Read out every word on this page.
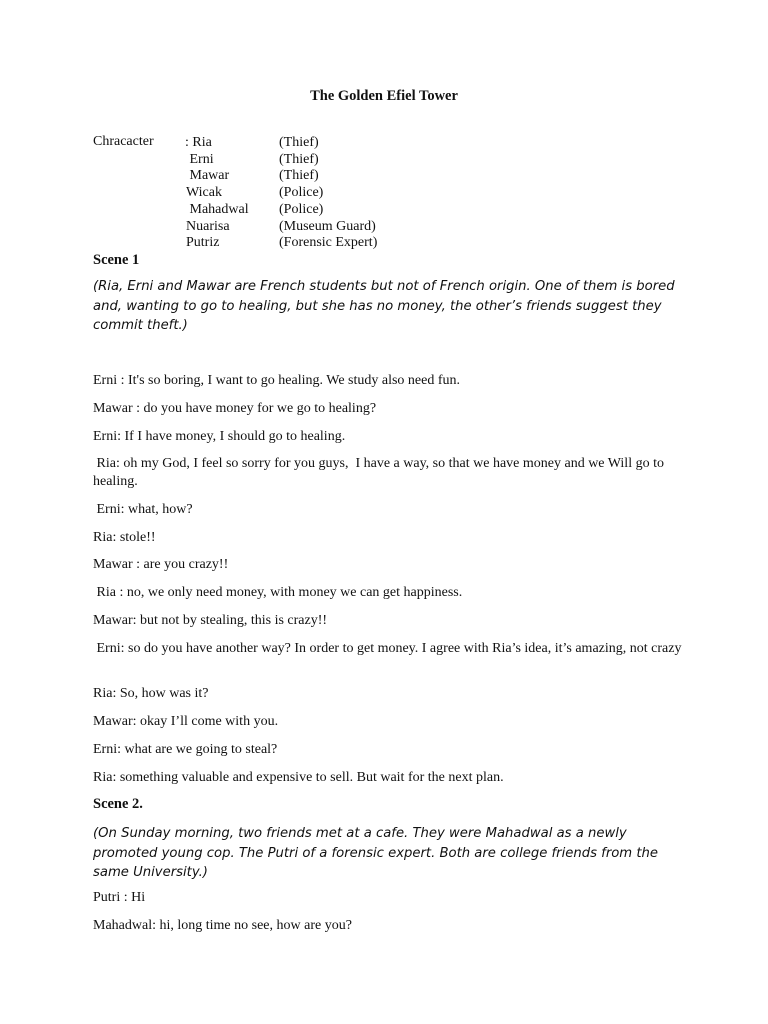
The Golden Efiel Tower
Chracacter : Ria	(Thief)
Erni	(Thief)
Mawar	(Thief)
Wicak	(Police)
Mahadwal (Police)
Nuarisa	(Museum Guard)
Putriz	(Forensic Expert)
Scene 1
(Ria, Erni and Mawar are French students but not of French origin. One of them is bored and, wanting to go to healing, but she has no money, the other’s friends suggest they commit theft.)
Erni : It's so boring, I want to go healing. We study also need fun.
Mawar : do you have money for we go to healing?
Erni: If I have money, I should go to healing.
Ria: oh my God, I feel so sorry for you guys,  I have a way, so that we have money and we Will go to healing.
Erni: what, how?
Ria: stole!!
Mawar : are you crazy!!
Ria : no, we only need money, with money we can get happiness.
Mawar: but not by stealing, this is crazy!!
Erni: so do you have another way? In order to get money. I agree with Ria’s idea, it’s amazing, not crazy
Ria: So, how was it?
Mawar: okay I’ll come with you.
Erni: what are we going to steal?
Ria: something valuable and expensive to sell. But wait for the next plan.
Scene 2.
(On Sunday morning, two friends met at a cafe. They were Mahadwal as a newly promoted young cop. The Putri of a forensic expert. Both are college friends from the same University.)
Putri : Hi
Mahadwal: hi, long time no see, how are you?
